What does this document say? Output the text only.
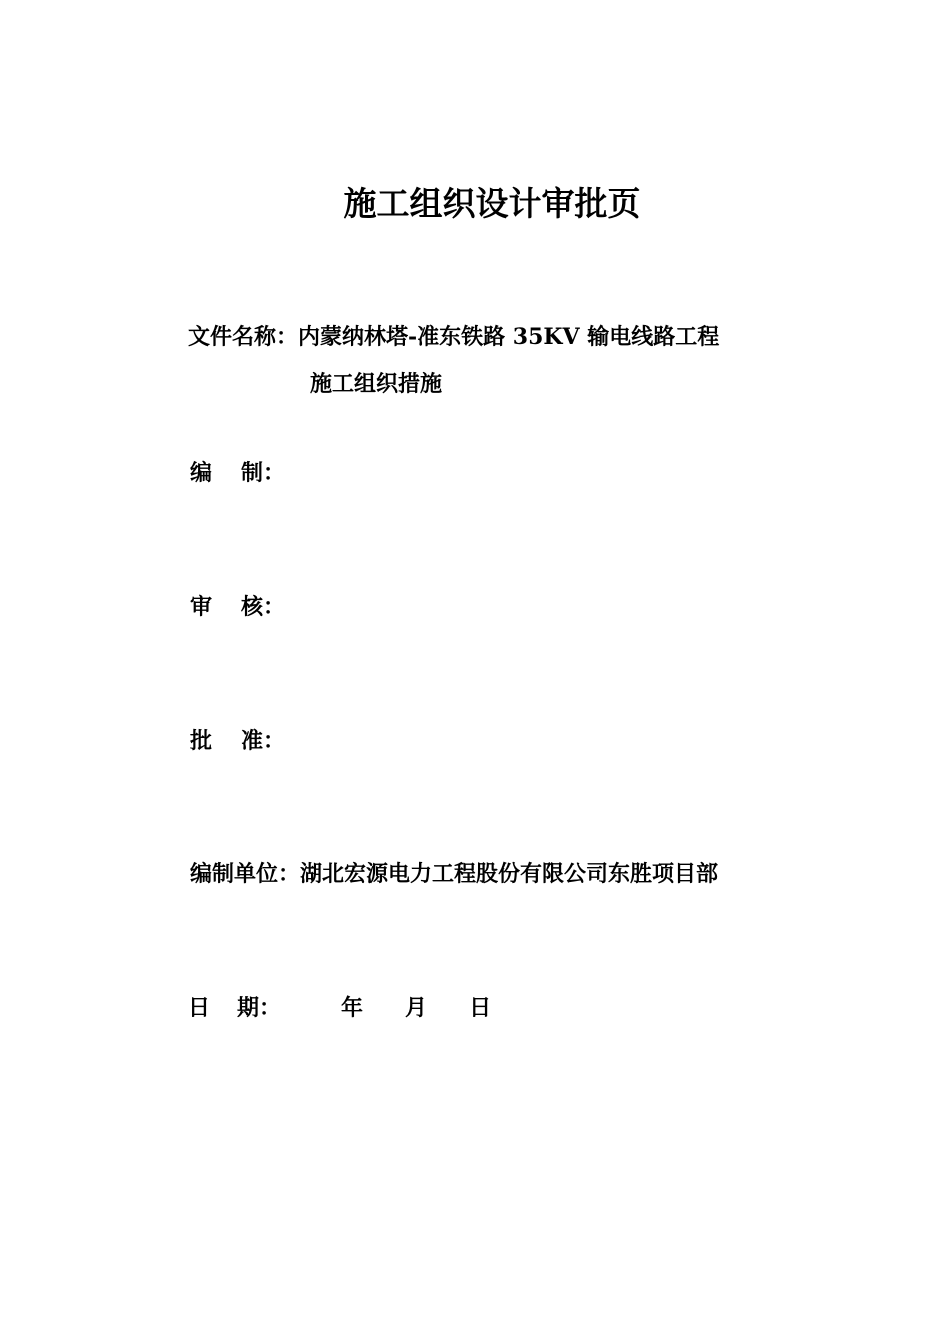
施工组织设计审批页
文件名称：内蒙纳林塔-准东铁路 35KV 输电线路工程
施工组织措施
编 制：
审 核：
批 准：
编制单位：湖北宏源电力工程股份有限公司东胜项目部
日 期：	年 月 日
